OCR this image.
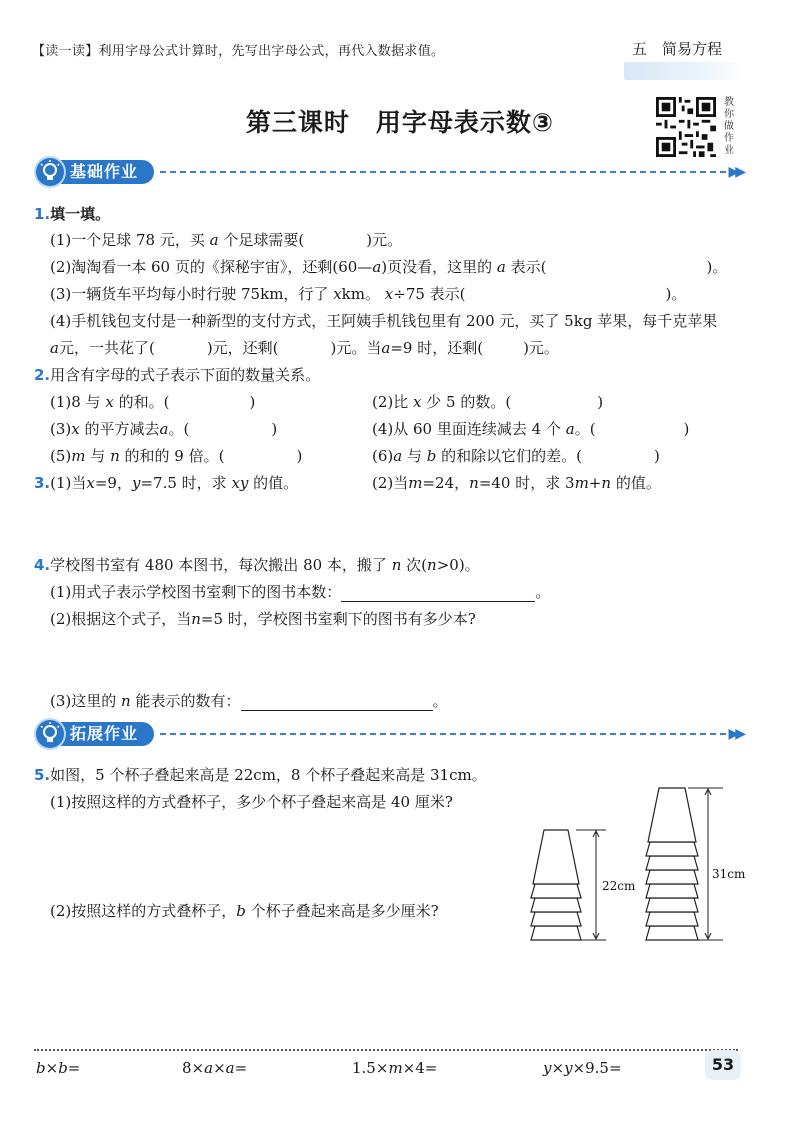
【读一读】利用字母公式计算时，先写出字母公式，再代入数据求值。	五　简易方程
第三课时　用字母表示数③
教你做作业
基础作业	▶▶
1.填一填。
(1)一个足球 78 元，买 a 个足球需要(	)元。
(2)淘淘看一本 60 页的《探秘宇宙》，还剩(60—a)页没看，这里的 a 表示(	)。
(3)一辆货车平均每小时行驶 75km，行了 xkm。 x÷75 表示(	)。
(4)手机钱包支付是一种新型的支付方式，王阿姨手机钱包里有 200 元，买了 5kg 苹果，每千克苹果
a元，一共花了(	)元，还剩(	)元。当a=9 时，还剩(	)元。
2.用含有字母的式子表示下面的数量关系。
(1)8 与 x 的和。(	)	(2)比 x 少 5 的数。(	)
(3)x 的平方减去a。(	)	(4)从 60 里面连续减去 4 个 a。(	)
(5)m 与 n 的和的 9 倍。(	)	(6)a 与 b 的和除以它们的差。(	)
3.(1)当x=9，y=7.5 时，求 xy 的值。	(2)当m=24，n=40 时，求 3m+n 的值。
4.学校图书室有 480 本图书，每次搬出 80 本，搬了 n 次(n>0)。
(1)用式子表示学校图书室剩下的图书本数：	。
(2)根据这个式子，当n=5 时，学校图书室剩下的图书有多少本?
(3)这里的 n 能表示的数有：	。
拓展作业	▶▶
5.如图，5 个杯子叠起来高是 22cm，8 个杯子叠起来高是 31cm。
(1)按照这样的方式叠杯子，多少个杯子叠起来高是 40 厘米?
(2)按照这样的方式叠杯子，b 个杯子叠起来高是多少厘米?
22cm
31cm
b×b=	8×a×a=	1.5×m×4=	y×y×9.5=	53
